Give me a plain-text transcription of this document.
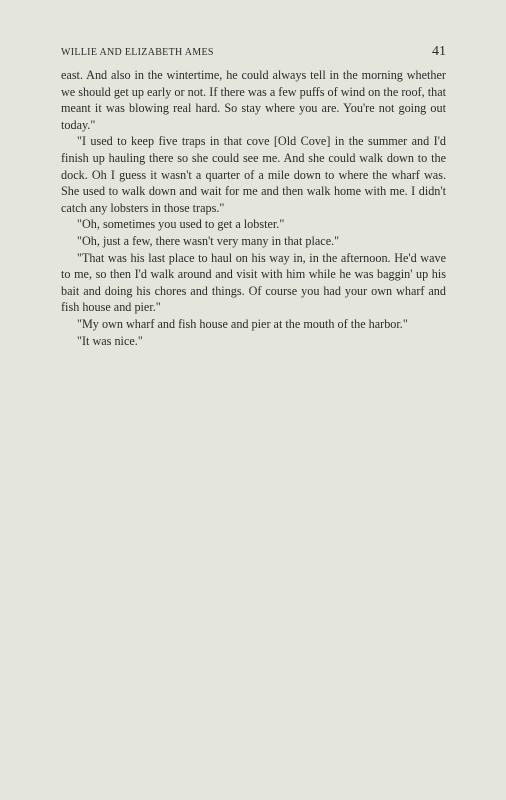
WILLIE AND ELIZABETH AMES	41

east. And also in the wintertime, he could always tell in the morning whether we should get up early or not. If there was a few puffs of wind on the roof, that meant it was blowing real hard. So stay where you are. You're not going out today."

"I used to keep five traps in that cove [Old Cove] in the summer and I'd finish up hauling there so she could see me. And she could walk down to the dock. Oh I guess it wasn't a quarter of a mile down to where the wharf was. She used to walk down and wait for me and then walk home with me. I didn't catch any lobsters in those traps."

"Oh, sometimes you used to get a lobster."

"Oh, just a few, there wasn't very many in that place."

"That was his last place to haul on his way in, in the afternoon. He'd wave to me, so then I'd walk around and visit with him while he was baggin' up his bait and doing his chores and things. Of course you had your own wharf and fish house and pier."

"My own wharf and fish house and pier at the mouth of the harbor."

"It was nice."
